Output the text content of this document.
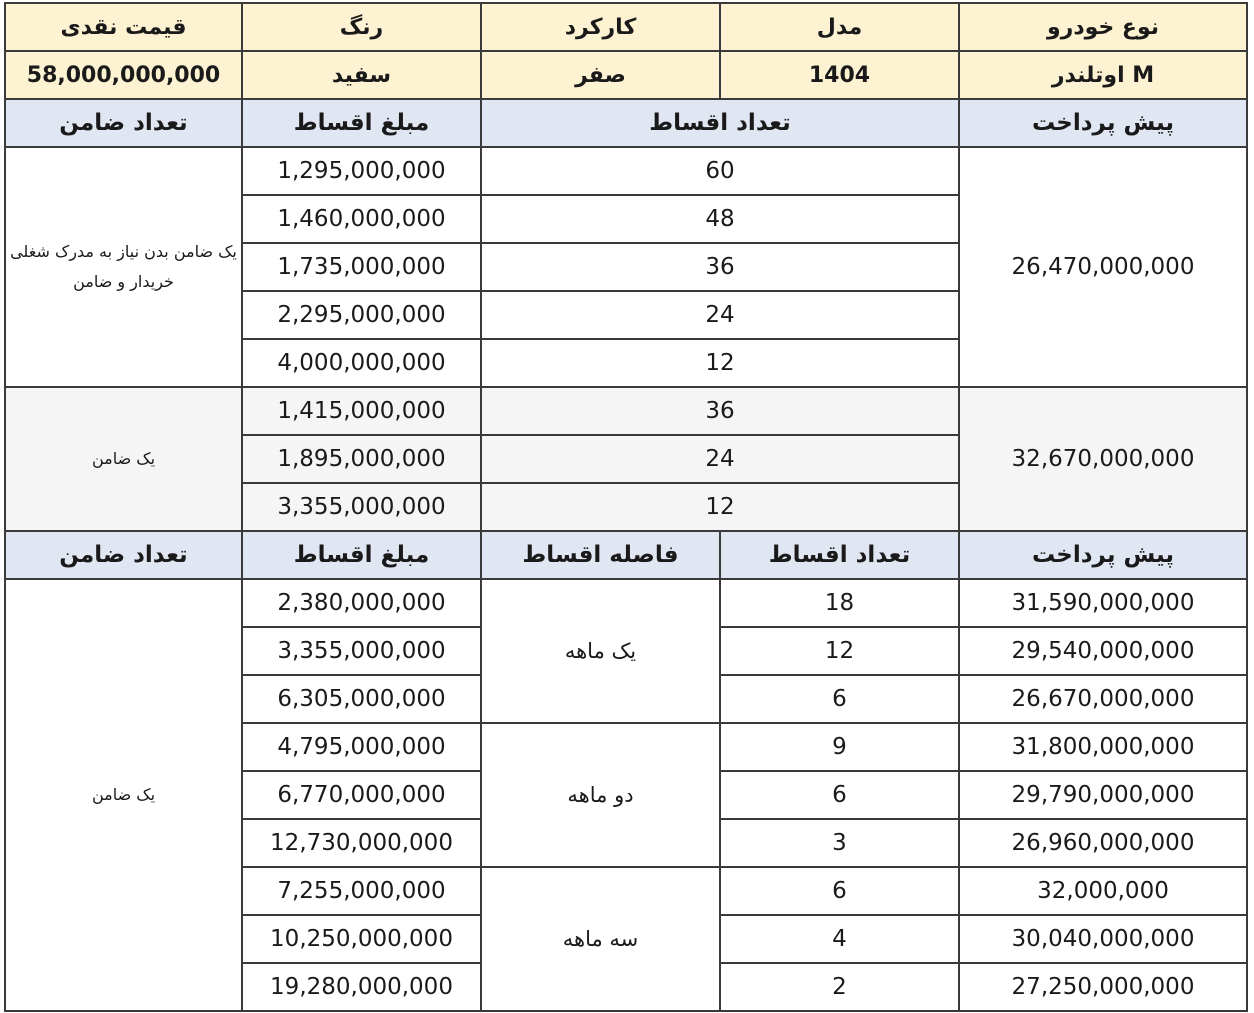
قیمت نقدی	رنگ	کارکرد	مدل	نوع خودرو
58,000,000,000	سفید	صفر	1404	اوتلندر M
تعداد ضامن	مبلغ اقساط	تعداد اقساط		پیش پرداخت
یک ضامن بدن نیاز به مدرک شغلی خریدار و ضامن	1,295,000,000	60		26,470,000,000
	1,460,000,000	48		
	1,735,000,000	36		
	2,295,000,000	24		
	4,000,000,000	12		
یک ضامن	1,415,000,000	36		32,670,000,000
	1,895,000,000	24		
	3,355,000,000	12		
تعداد ضامن	مبلغ اقساط	فاصله اقساط	تعداد اقساط	پیش پرداخت
یک ضامن	2,380,000,000	یک ماهه	18	31,590,000,000
	3,355,000,000		12	29,540,000,000
	6,305,000,000		6	26,670,000,000
	4,795,000,000	دو ماهه	9	31,800,000,000
	6,770,000,000		6	29,790,000,000
	12,730,000,000		3	26,960,000,000
	7,255,000,000	سه ماهه	6	32,000,000
	10,250,000,000		4	30,040,000,000
	19,280,000,000		2	27,250,000,000
